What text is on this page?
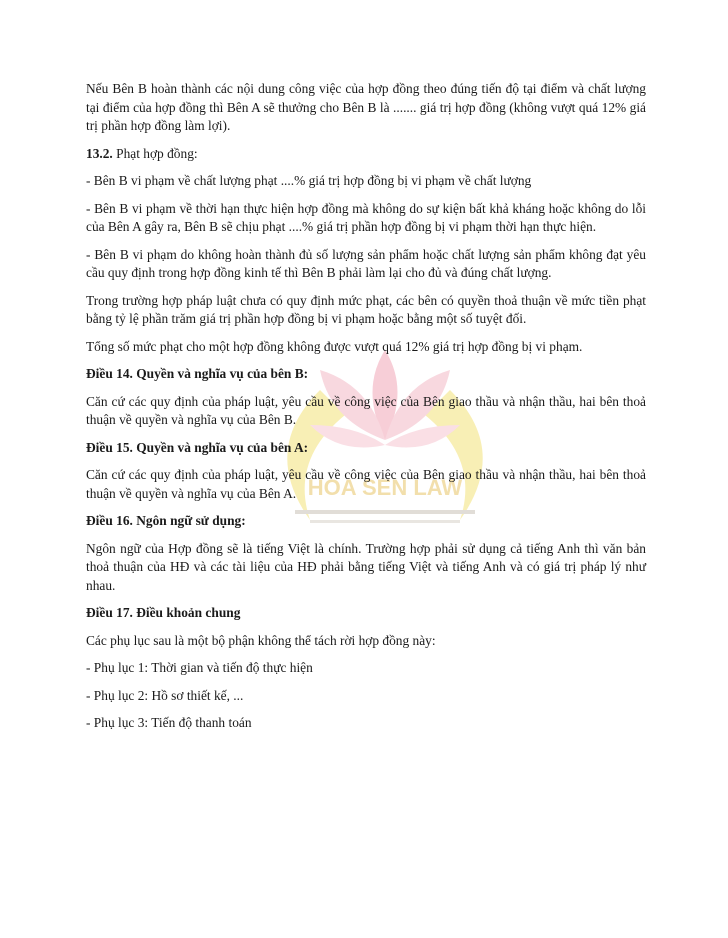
HOA SEN LAW

Nếu Bên B hoàn thành các nội dung công việc của hợp đồng theo đúng tiến độ tại điểm và chất lượng tại điểm của hợp đồng thì Bên A sẽ thưởng cho Bên B là ....... giá trị hợp đồng (không vượt quá 12% giá trị phần hợp đồng làm lợi).

13.2. Phạt hợp đồng:

- Bên B vi phạm về chất lượng phạt ....% giá trị hợp đồng bị vi phạm về chất lượng

- Bên B vi phạm về thời hạn thực hiện hợp đồng mà không do sự kiện bất khả kháng hoặc không do lỗi của Bên A gây ra, Bên B sẽ chịu phạt ....% giá trị phần hợp đồng bị vi phạm thời hạn thực hiện.

- Bên B vi phạm do không hoàn thành đủ số lượng sản phẩm hoặc chất lượng sản phẩm không đạt yêu cầu quy định trong hợp đồng kinh tế thì Bên B phải làm lại cho đủ và đúng chất lượng.

Trong trường hợp pháp luật chưa có quy định mức phạt, các bên có quyền thoả thuận về mức tiền phạt bằng tỷ lệ phần trăm giá trị phần hợp đồng bị vi phạm hoặc bằng một số tuyệt đối.

Tổng số mức phạt cho một hợp đồng không được vượt quá 12% giá trị hợp đồng bị vi phạm.

Điều 14. Quyền và nghĩa vụ của bên B:

Căn cứ các quy định của pháp luật, yêu cầu về công việc của Bên giao thầu và nhận thầu, hai bên thoả thuận về quyền và nghĩa vụ của Bên B.

Điều 15. Quyền và nghĩa vụ của bên A:

Căn cứ các quy định của pháp luật, yêu cầu về công việc của Bên giao thầu và nhận thầu, hai bên thoả thuận về quyền và nghĩa vụ của Bên A.

Điều 16. Ngôn ngữ sử dụng:

Ngôn ngữ của Hợp đồng sẽ là tiếng Việt là chính. Trường hợp phải sử dụng cả tiếng Anh thì văn bản thoả thuận của HĐ và các tài liệu của HĐ phải bằng tiếng Việt và tiếng Anh và có giá trị pháp lý như nhau.

Điều 17. Điều khoản chung

Các phụ lục sau là một bộ phận không thể tách rời hợp đồng này:

- Phụ lục 1: Thời gian và tiến độ thực hiện

- Phụ lục 2: Hồ sơ thiết kế, ...

- Phụ lục 3: Tiến độ thanh toán
